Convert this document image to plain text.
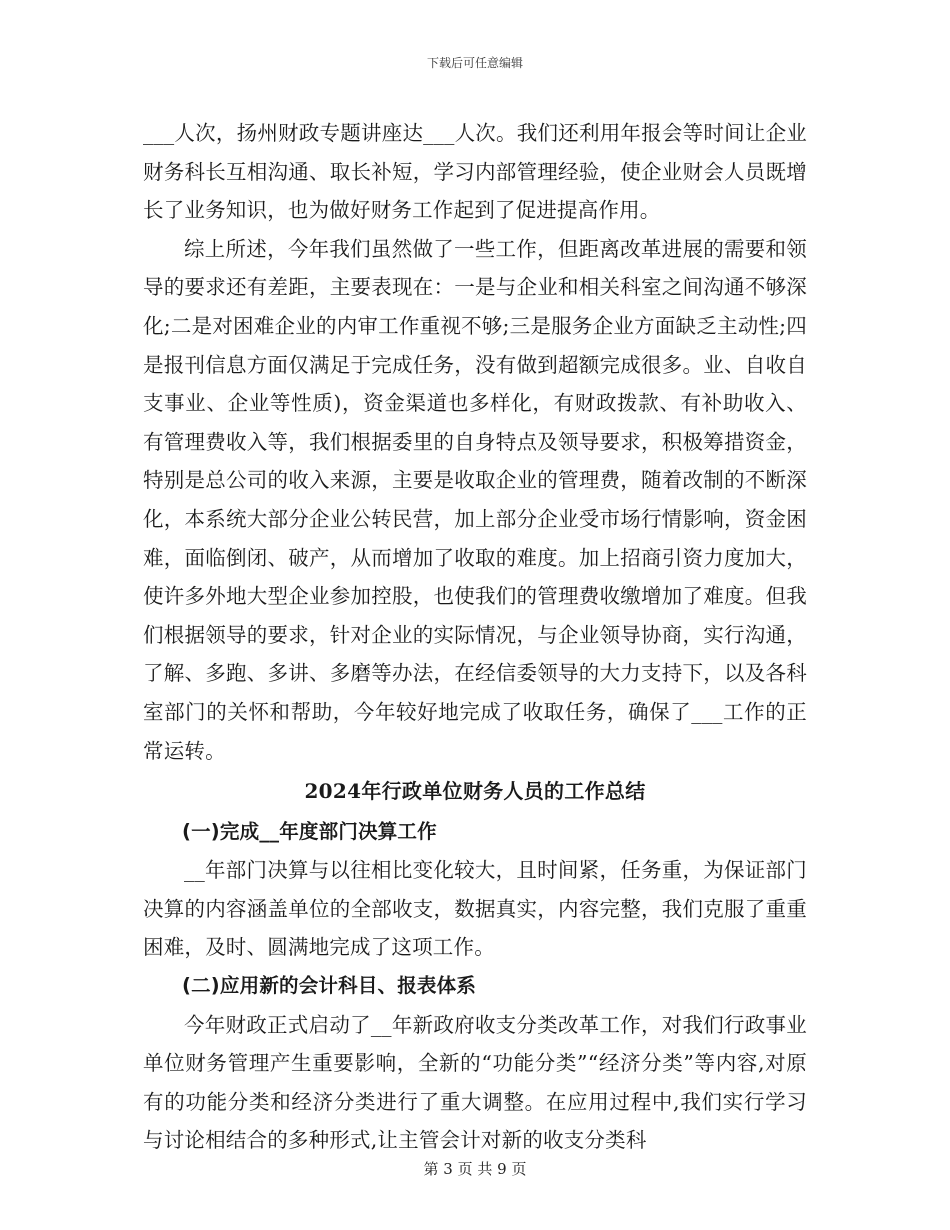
下载后可任意编辑

___人次，扬州财政专题讲座达___人次。我们还利用年报会等时间让企业财务科长互相沟通、取长补短，学习内部管理经验，使企业财会人员既增长了业务知识，也为做好财务工作起到了促进提高作用。

综上所述，今年我们虽然做了一些工作，但距离改革进展的需要和领导的要求还有差距，主要表现在：一是与企业和相关科室之间沟通不够深化;二是对困难企业的内审工作重视不够;三是服务企业方面缺乏主动性;四是报刊信息方面仅满足于完成任务，没有做到超额完成很多。业、自收自支事业、企业等性质)，资金渠道也多样化，有财政拨款、有补助收入、有管理费收入等，我们根据委里的自身特点及领导要求，积极筹措资金，特别是总公司的收入来源，主要是收取企业的管理费，随着改制的不断深化，本系统大部分企业公转民营，加上部分企业受市场行情影响，资金困难，面临倒闭、破产，从而增加了收取的难度。加上招商引资力度加大，使许多外地大型企业参加控股，也使我们的管理费收缴增加了难度。但我们根据领导的要求，针对企业的实际情况，与企业领导协商，实行沟通，了解、多跑、多讲、多磨等办法，在经信委领导的大力支持下，以及各科室部门的关怀和帮助，今年较好地完成了收取任务，确保了___工作的正常运转。

2024年行政单位财务人员的工作总结

(一)完成__年度部门决算工作

__年部门决算与以往相比变化较大，且时间紧，任务重，为保证部门决算的内容涵盖单位的全部收支，数据真实，内容完整，我们克服了重重困难，及时、圆满地完成了这项工作。

(二)应用新的会计科目、报表体系

今年财政正式启动了__年新政府收支分类改革工作，对我们行政事业单位财务管理产生重要影响，全新的“功能分类”“经济分类”等内容,对原有的功能分类和经济分类进行了重大调整。在应用过程中,我们实行学习与讨论相结合的多种形式,让主管会计对新的收支分类科

第 3 页 共 9 页
